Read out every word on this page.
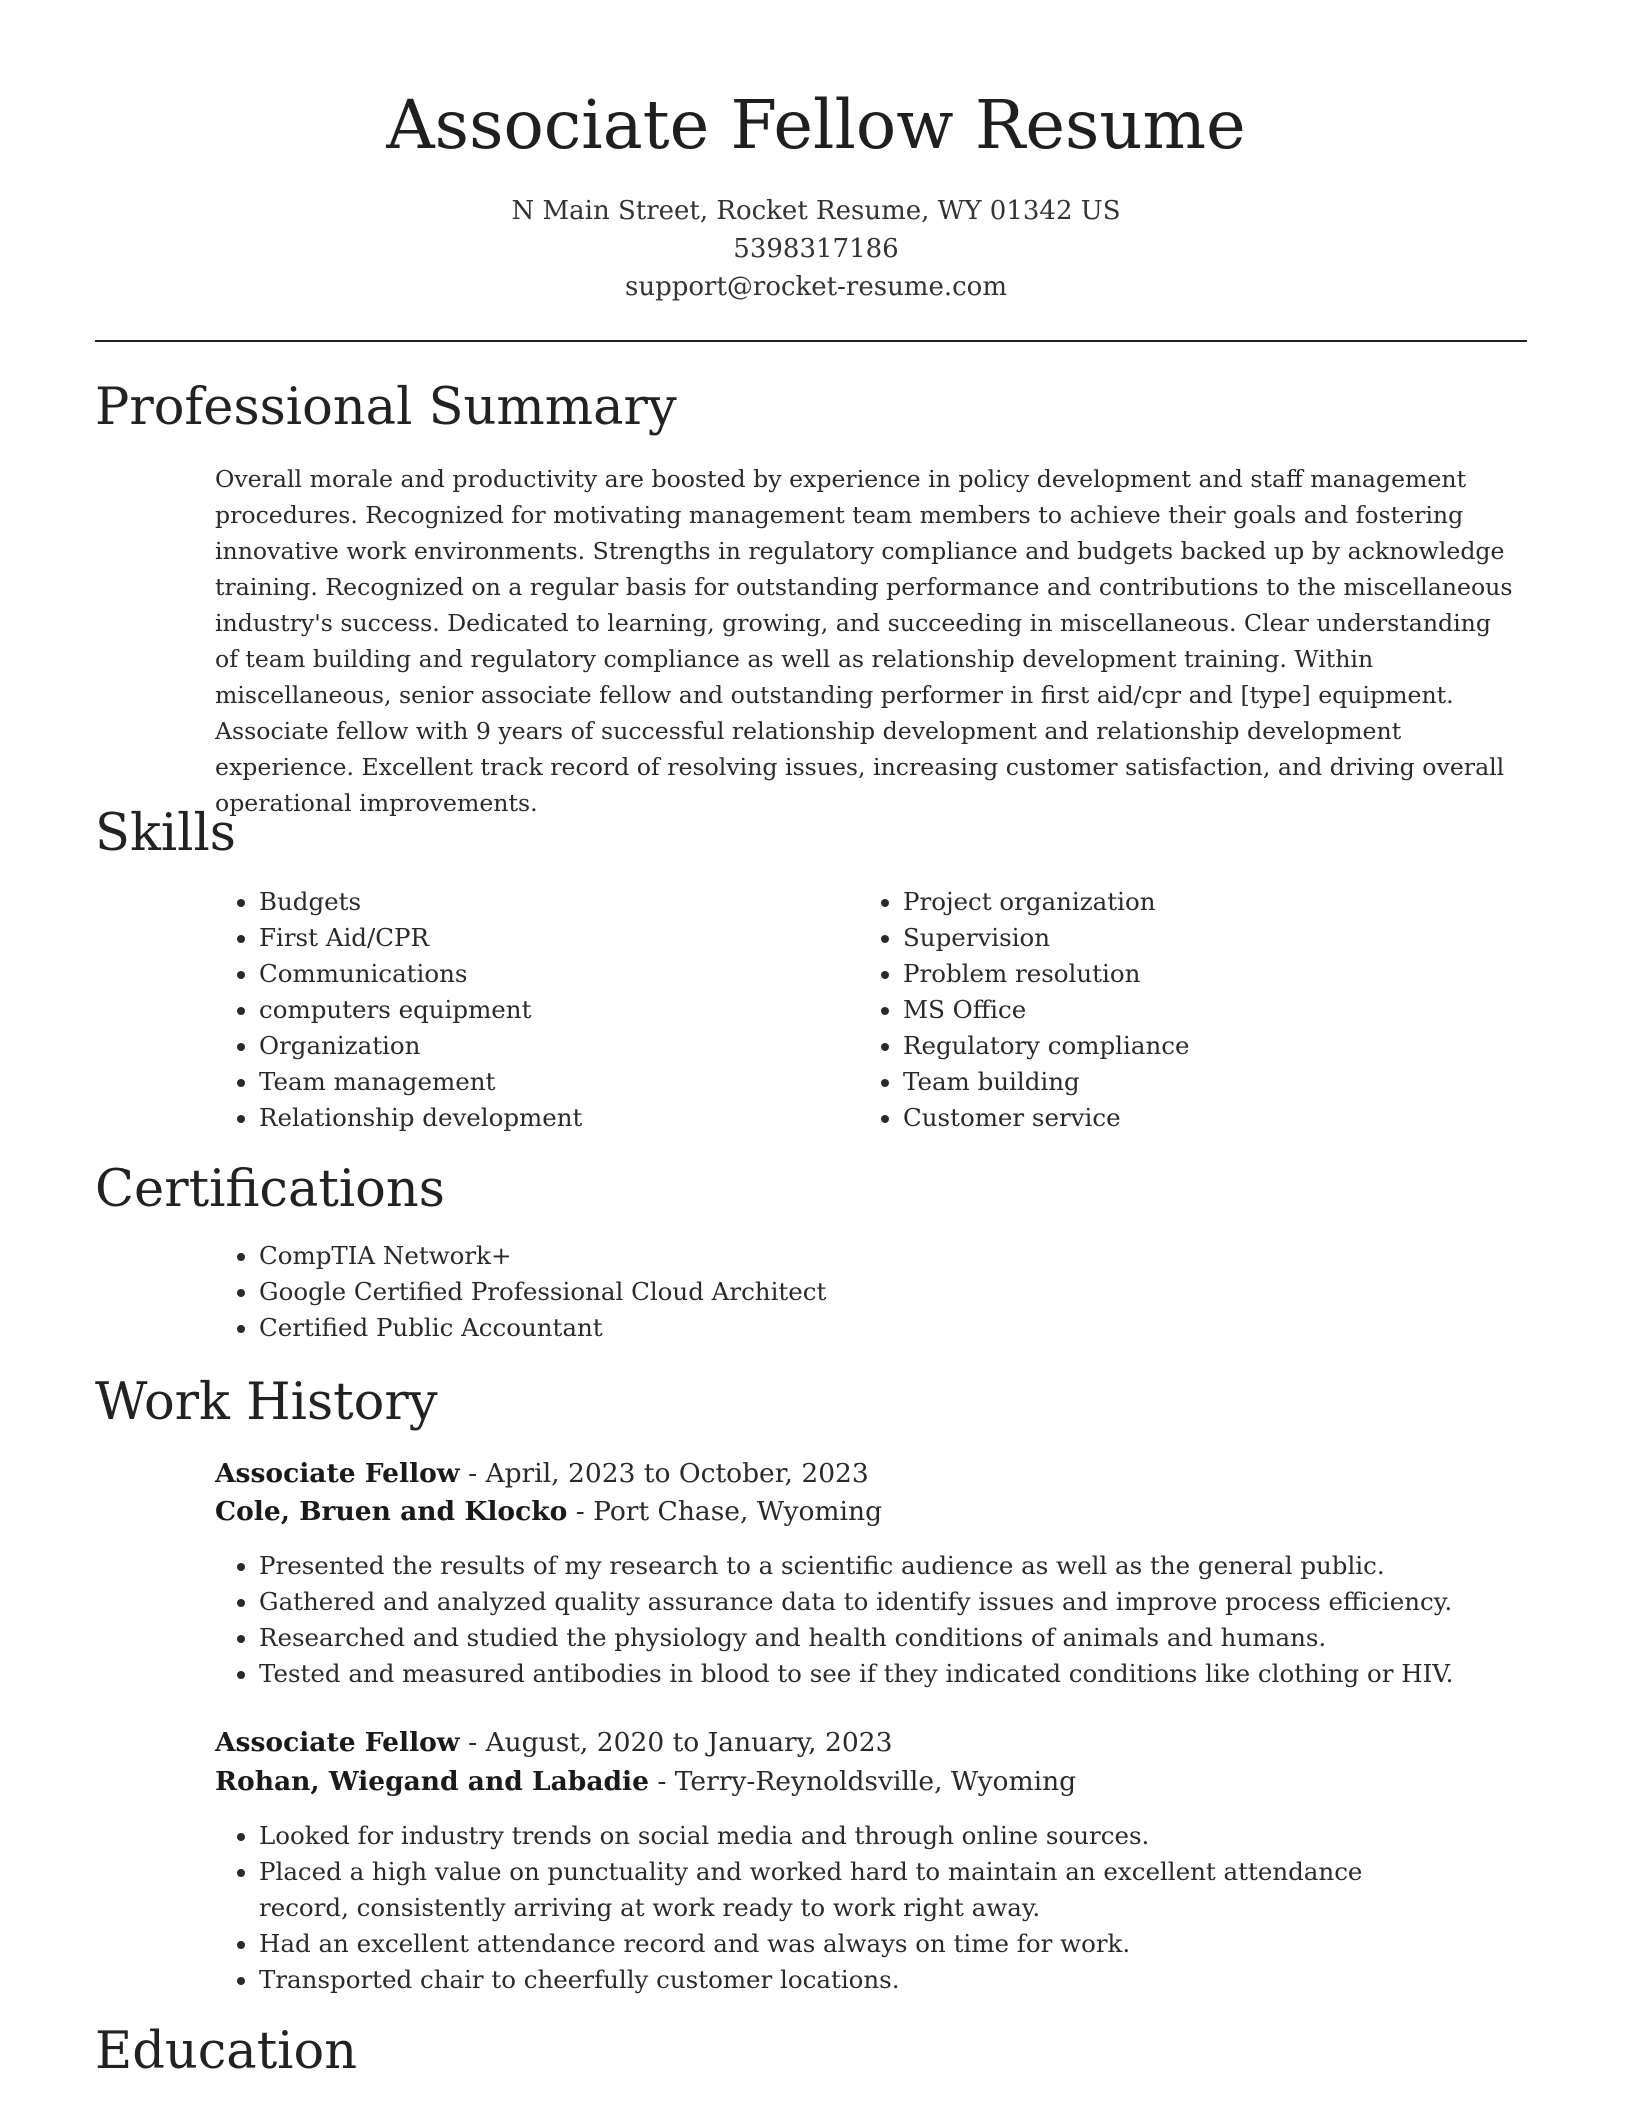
Associate Fellow Resume
N Main Street, Rocket Resume, WY 01342 US
5398317186
support@rocket-resume.com
Professional Summary

Overall morale and productivity are boosted by experience in policy development and staff management procedures. Recognized for motivating management team members to achieve their goals and fostering innovative work environments. Strengths in regulatory compliance and budgets backed up by acknowledge training. Recognized on a regular basis for outstanding performance and contributions to the miscellaneous industry's success. Dedicated to learning, growing, and succeeding in miscellaneous. Clear understanding of team building and regulatory compliance as well as relationship development training. Within miscellaneous, senior associate fellow and outstanding performer in first aid/cpr and [type] equipment. Associate fellow with 9 years of successful relationship development and relationship development experience. Excellent track record of resolving issues, increasing customer satisfaction, and driving overall operational improvements.

Skills
• Budgets
• First Aid/CPR
• Communications
• computers equipment
• Organization
• Team management
• Relationship development
• Project organization
• Supervision
• Problem resolution
• MS Office
• Regulatory compliance
• Team building
• Customer service
Certifications
• CompTIA Network+
• Google Certified Professional Cloud Architect
• Certified Public Accountant
Work History
Associate Fellow - April, 2023 to October, 2023
Cole, Bruen and Klocko - Port Chase, Wyoming
• Presented the results of my research to a scientific audience as well as the general public.
• Gathered and analyzed quality assurance data to identify issues and improve process efficiency.
• Researched and studied the physiology and health conditions of animals and humans.
• Tested and measured antibodies in blood to see if they indicated conditions like clothing or HIV.
Associate Fellow - August, 2020 to January, 2023
Rohan, Wiegand and Labadie - Terry-Reynoldsville, Wyoming
• Looked for industry trends on social media and through online sources.
• Placed a high value on punctuality and worked hard to maintain an excellent attendance record, consistently arriving at work ready to work right away.
• Had an excellent attendance record and was always on time for work.
• Transported chair to cheerfully customer locations.
Education
